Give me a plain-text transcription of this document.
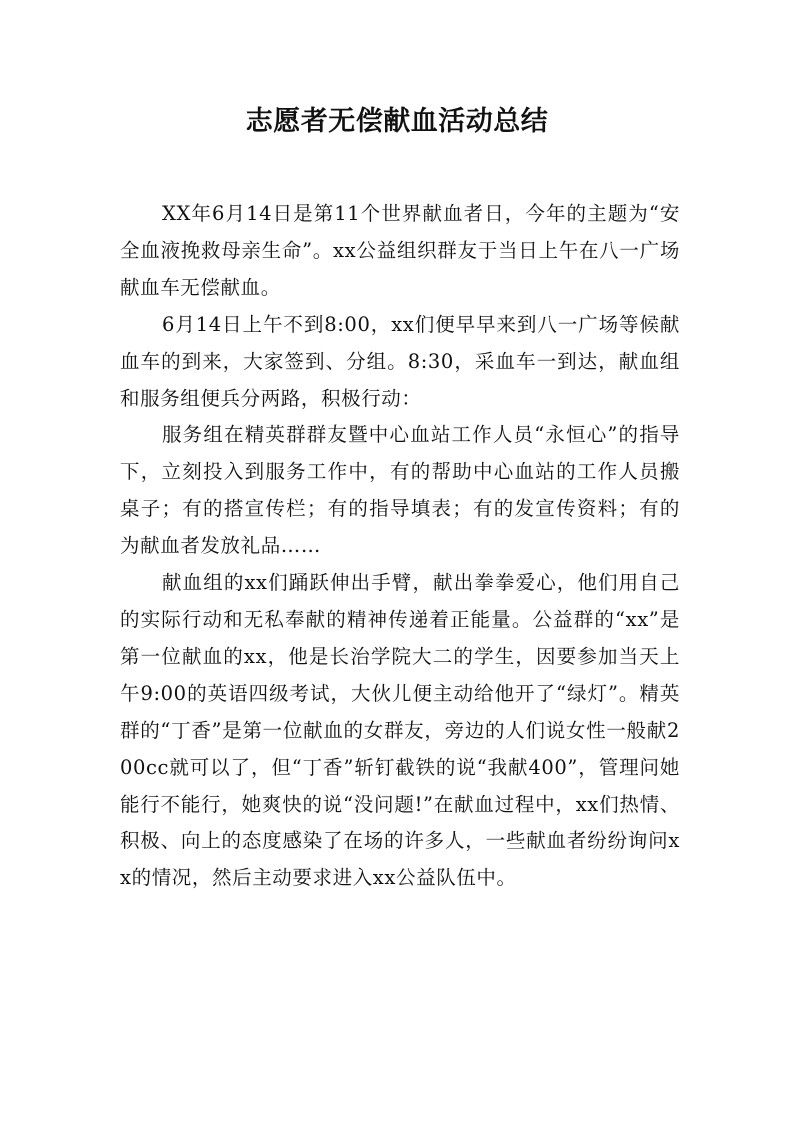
志愿者无偿献血活动总结

XX年6月14日是第11个世界献血者日，今年的主题为“安全血液挽救母亲生命”。xx公益组织群友于当日上午在八一广场献血车无偿献血。

6月14日上午不到8:00，xx们便早早来到八一广场等候献血车的到来，大家签到、分组。8:30，采血车一到达，献血组和服务组便兵分两路，积极行动：

服务组在精英群群友暨中心血站工作人员“永恒心”的指导下，立刻投入到服务工作中，有的帮助中心血站的工作人员搬桌子；有的搭宣传栏；有的指导填表；有的发宣传资料；有的为献血者发放礼品……

献血组的xx们踊跃伸出手臂，献出拳拳爱心，他们用自己的实际行动和无私奉献的精神传递着正能量。公益群的“xx”是第一位献血的xx，他是长治学院大二的学生，因要参加当天上午9:00的英语四级考试，大伙儿便主动给他开了“绿灯”。精英群的“丁香”是第一位献血的女群友，旁边的人们说女性一般献200cc就可以了，但“丁香”斩钉截铁的说“我献400”，管理问她能行不能行，她爽快的说“没问题!”在献血过程中，xx们热情、积极、向上的态度感染了在场的许多人，一些献血者纷纷询问xx的情况，然后主动要求进入xx公益队伍中。
